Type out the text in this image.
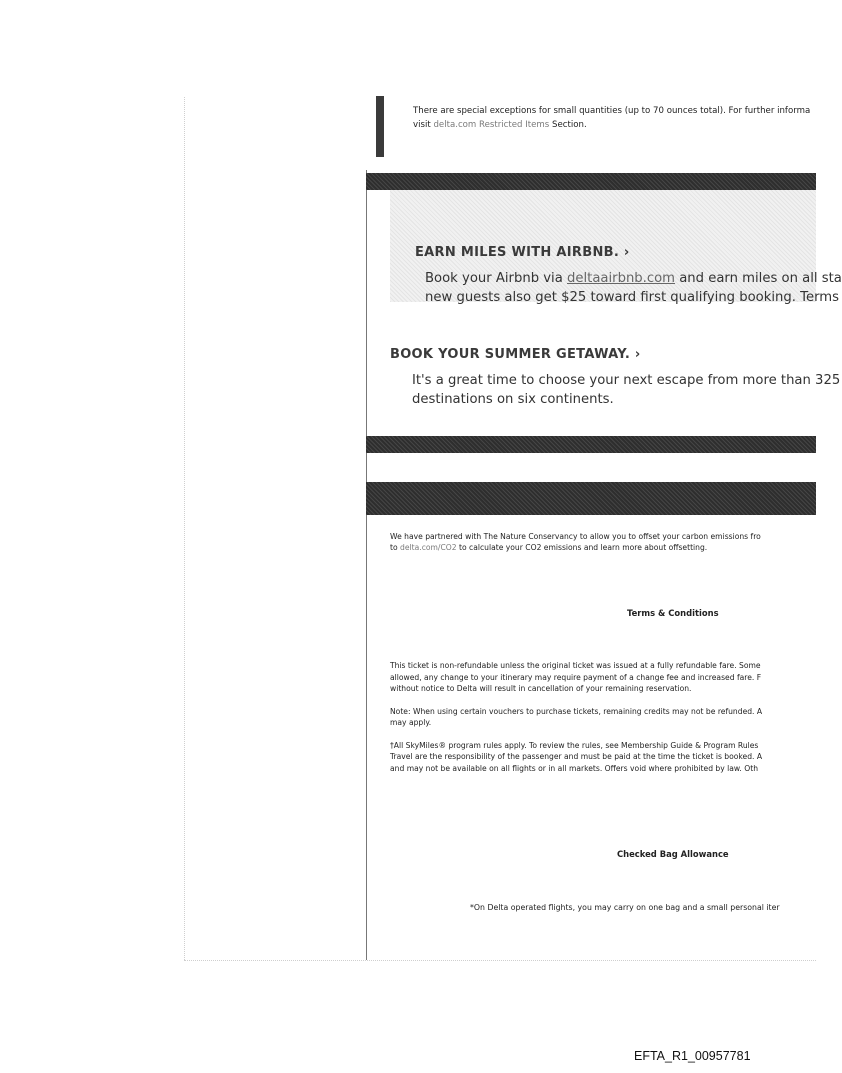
There are special exceptions for small quantities (up to 70 ounces total). For further informa
visit delta.com Restricted Items Section.
EARN MILES WITH AIRBNB. ›
Book your Airbnb via deltaairbnb.com and earn miles on all sta
new guests also get $25 toward first qualifying booking. Terms
BOOK YOUR SUMMER GETAWAY. ›
It's a great time to choose your next escape from more than 325
destinations on six continents.
We have partnered with The Nature Conservancy to allow you to offset your carbon emissions fro
to delta.com/CO2 to calculate your CO2 emissions and learn more about offsetting.
Terms & Conditions

This ticket is non-refundable unless the original ticket was issued at a fully refundable fare. Some
allowed, any change to your itinerary may require payment of a change fee and increased fare. F
without notice to Delta will result in cancellation of your remaining reservation.

Note: When using certain vouchers to purchase tickets, remaining credits may not be refunded. A
may apply.

†All SkyMiles® program rules apply. To review the rules, see Membership Guide & Program Rules
Travel are the responsibility of the passenger and must be paid at the time the ticket is booked. A
and may not be available on all flights or in all markets. Offers void where prohibited by law. Oth

Checked Bag Allowance
*On Delta operated flights, you may carry on one bag and a small personal iter
EFTA_R1_00957781
